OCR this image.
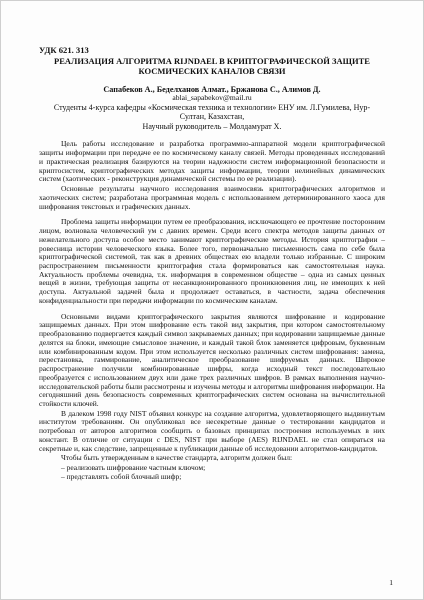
УДК 621. 313
РЕАЛИЗАЦИЯ АЛГОРИТМА RIJNDAEL В КРИПТОГРАФИЧЕСКОЙ ЗАЩИТЕ
КОСМИЧЕСКИХ КАНАЛОВ СВЯЗИ
Сапабеков А., Беделханов Алмат., Бржанова С., Алимов Д.
ablai_sapabekov@mail.ru
Студенты 4-курса кафедры «Космическая техника и технологии» ЕНУ им. Л.Гумилева, Нур-
Султан, Казахстан,
Научный руководитель – Молдамурат Х.

Цель работы исследование и разработка программно-аппаратной модели криптографической защиты информации при передаче ее по космическому каналу связей. Методы проведенных исследований и практическая реализация базируются на теории надежности систем информационной безопасности и криптосистем, криптографических методах защиты информации, теории нелинейных динамических систем (хаотических - реконструкция динамической системы по ее реализации).

Основные результаты научного исследования взаимосвязь криптографических алгоритмов и хаотических систем; разработана программная модель с использованием детерминированного хаоса для шифрования текстовых и графических данных.

Проблема защиты информации путем ее преобразования, исключающего ее прочтение посторонним лицом, волновала человеческий ум с давних времен. Среди всего спектра методов защиты данных от нежелательного доступа особое место занимают криптографические методы. История криптографии – ровесница истории человеческого языка. Более того, первоначально письменность сама по себе была криптографической системой, так как в древних обществах ею владели только избранные. С широким распространением письменности криптография стала формироваться как самостоятельная наука. Актуальность проблемы очевидна, т.к. информация в современном обществе – одна из самых ценных вещей в жизни, требующая защиты от несанкционированного проникновения лиц, не имеющих к ней доступа. Актуальной задачей была и продолжает оставаться, в частности, задача обеспечения конфиденциальности при передачи информации по космическим каналам.

Основными видами криптографического закрытия являются шифрование и кодирование защищаемых данных. При этом шифрование есть такой вид закрытия, при котором самостоятельному преобразованию подвергается каждый символ закрываемых данных; при кодировании защищаемые данные делятся на блоки, имеющие смысловое значение, и каждый такой блок заменяется цифровым, буквенным или комбинированным кодом. При этом используется несколько различных систем шифрования: замена, перестановка, гаммирование, аналитическое преобразование шифруемых данных. Широкое распространение получили комбинированные шифры, когда исходный текст последовательно преобразуется с использованием двух или даже трех различных шифров. В рамках выполнения научно-исследовательской работы были рассмотрены и изучены методы и алгоритмы шифрования информации. На сегодняшний день безопасность современных криптографических систем основана на вычислительной стойкости ключей.

В далеком 1998 году NIST объявил конкурс на создание алгоритма, удовлетворяющего выдвинутым институтом требованиям. Он опубликовал все несекретные данные о тестировании кандидатов и потребовал от авторов алгоритмов сообщить о базовых принципах построения используемых в них констант. В отличие от ситуации с DES, NIST при выборе (AES) RIJNDAEL не стал опираться на секретные и, как следствие, запрещенные к публикации данные об исследовании алгоритмов-кандидатов.

Чтобы быть утвержденным в качестве стандарта, алгоритм должен был:

– реализовать шифрование частным ключом;
– представлять собой блочный шифр;
1
